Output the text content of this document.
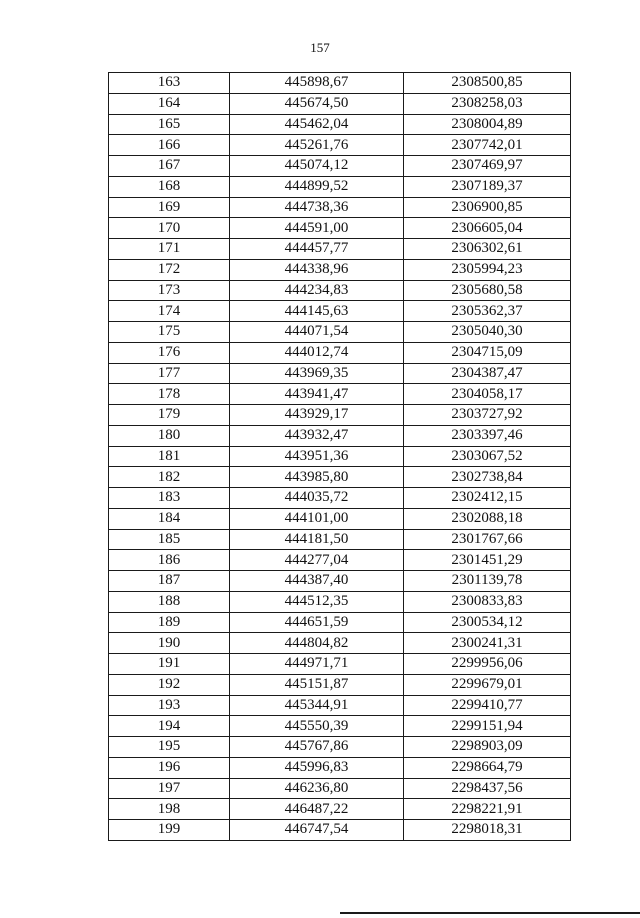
157
163	445898,67	2308500,85
164	445674,50	2308258,03
165	445462,04	2308004,89
166	445261,76	2307742,01
167	445074,12	2307469,97
168	444899,52	2307189,37
169	444738,36	2306900,85
170	444591,00	2306605,04
171	444457,77	2306302,61
172	444338,96	2305994,23
173	444234,83	2305680,58
174	444145,63	2305362,37
175	444071,54	2305040,30
176	444012,74	2304715,09
177	443969,35	2304387,47
178	443941,47	2304058,17
179	443929,17	2303727,92
180	443932,47	2303397,46
181	443951,36	2303067,52
182	443985,80	2302738,84
183	444035,72	2302412,15
184	444101,00	2302088,18
185	444181,50	2301767,66
186	444277,04	2301451,29
187	444387,40	2301139,78
188	444512,35	2300833,83
189	444651,59	2300534,12
190	444804,82	2300241,31
191	444971,71	2299956,06
192	445151,87	2299679,01
193	445344,91	2299410,77
194	445550,39	2299151,94
195	445767,86	2298903,09
196	445996,83	2298664,79
197	446236,80	2298437,56
198	446487,22	2298221,91
199	446747,54	2298018,31
